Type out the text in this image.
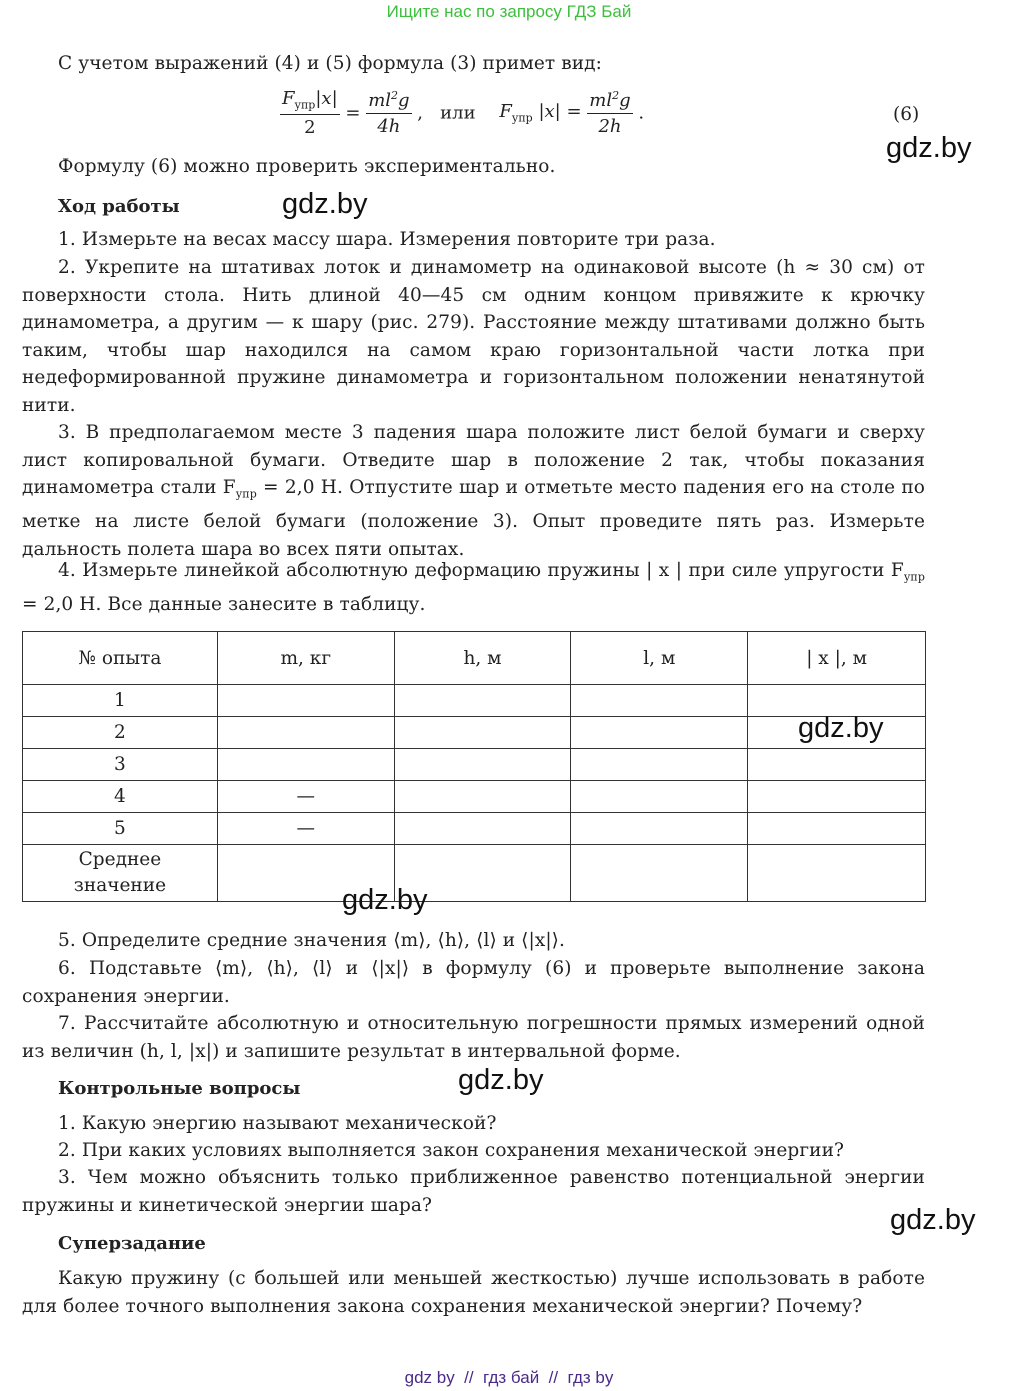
Ищите нас по запросу ГДЗ Бай
С учетом выражений (4) и (5) формула (3) примет вид:
$\frac{F_{упр}|x|}{2} = \frac{ml^2g}{4h}$ ,   или $F_{упр}$ $|x| = \frac{ml^2g}{2h}$ .	(6)
Формулу (6) можно проверить экспериментально.
Ход работы
1. Измерьте на весах массу шара. Измерения повторите три раза.
2. Укрепите на штативах лоток и динамометр на одинаковой высоте (h ≈ 30 см) от поверхности стола. Нить длиной 40—45 см одним концом привяжите к крючку динамометра, а другим — к шару (рис. 279). Расстояние между штативами должно быть таким, чтобы шар находился на самом краю горизонтальной части лотка при недеформированной пружине динамометра и горизонтальном положении ненатянутой нити.
3. В предполагаемом месте 3 падения шара положите лист белой бумаги и сверху лист копировальной бумаги. Отведите шар в положение 2 так, чтобы показания динамометра стали $F_{упр} = 2,0$ Н. Отпустите шар и отметьте место падения его на столе по метке на листе белой бумаги (положение 3). Опыт проведите пять раз. Измерьте дальность полета шара во всех пяти опытах.
4. Измерьте линейкой абсолютную деформацию пружины | x | при силе упругости $F_{упр} = 2,0$ Н. Все данные занесите в таблицу.
№ опыта	m, кг	h, м	l, м	| x |, м
1				
2				
3				
4	—			
5	—			
Среднее
значение				
5. Определите средние значения ⟨m⟩, ⟨h⟩, ⟨l⟩ и ⟨|x|⟩.
6. Подставьте ⟨m⟩, ⟨h⟩, ⟨l⟩ и ⟨|x|⟩ в формулу (6) и проверьте выполнение закона сохранения энергии.
7. Рассчитайте абсолютную и относительную погрешности прямых измерений одной из величин (h, l, |x|) и запишите результат в интервальной форме.
Контрольные вопросы
1. Какую энергию называют механической?
2. При каких условиях выполняется закон сохранения механической энергии?
3. Чем можно объяснить только приближенное равенство потенциальной энергии пружины и кинетической энергии шара?
Суперзадание
Какую пружину (с большей или меньшей жесткостью) лучше использовать в работе для более точного выполнения закона сохранения механической энергии? Почему?
gdz.by
gdz.by
gdz.by
gdz.by
gdz.by
gdz.by
gdz by  //  гдз бай  //  гдз by
